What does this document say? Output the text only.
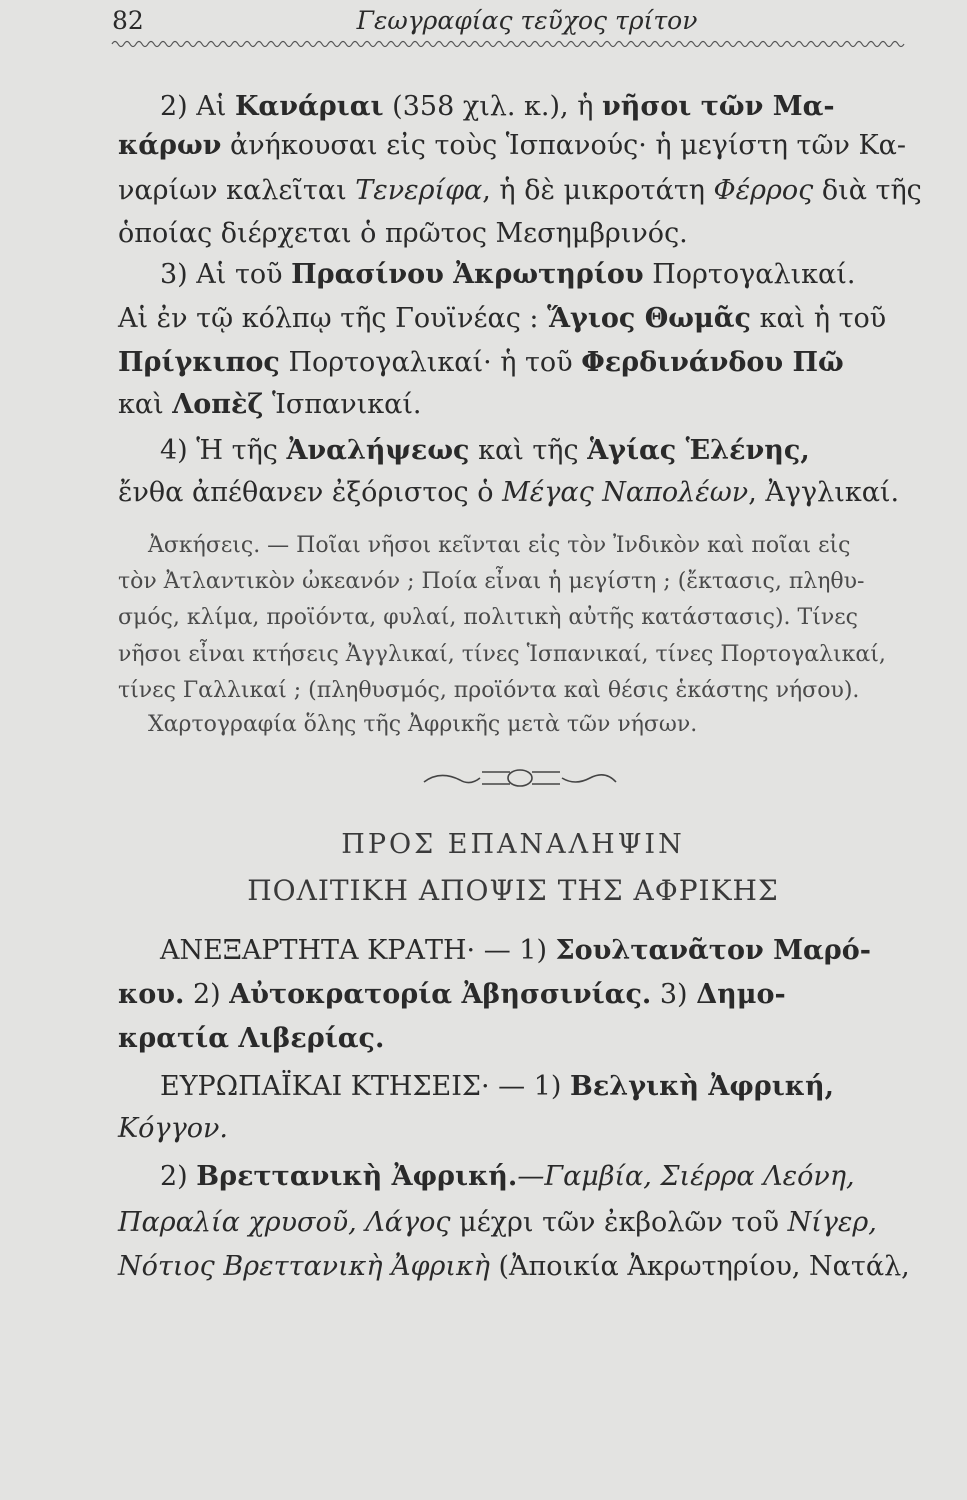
82	Γεωγραφίας τεῦχος τρίτον
2) Αἱ Κανάριαι (358 χιλ. κ.), ἡ νῆσοι τῶν Μα-
κάρων ἀνήκουσαι εἰς τοὺς Ἱσπανούς· ἡ μεγίστη τῶν Κα-
ναρίων καλεῖται Τενερίφα, ἡ δὲ μικροτάτη Φέρρος διὰ τῆς
ὁποίας διέρχεται ὁ πρῶτος Μεσημβρινός.
3) Αἱ τοῦ Πρασίνου Ἀκρωτηρίου Πορτογαλικαί.
Αἱ ἐν τῷ κόλπῳ τῆς Γουϊνέας : Ἅγιος Θωμᾶς καὶ ἡ τοῦ
Πρίγκιπος Πορτογαλικαί· ἡ τοῦ Φερδινάνδου Πῶ
καὶ Λοπὲζ Ἱσπανικαί.
4) Ἡ τῆς Ἀναλήψεως καὶ τῆς Ἁγίας Ἑλένης,
ἔνθα ἀπέθανεν ἐξόριστος ὁ Μέγας Ναπολέων, Ἀγγλικαί.
Ἀσκήσεις. — Ποῖαι νῆσοι κεῖνται εἰς τὸν Ἰνδικὸν καὶ ποῖαι εἰς
τὸν Ἀτλαντικὸν ὠκεανόν ; Ποία εἶναι ἡ μεγίστη ; (ἔκτασις, πληθυ-
σμός, κλίμα, προϊόντα, φυλαί, πολιτικὴ αὐτῆς κατάστασις). Τίνες
νῆσοι εἶναι κτήσεις Ἀγγλικαί, τίνες Ἱσπανικαί, τίνες Πορτογαλικαί,
τίνες Γαλλικαί ; (πληθυσμός, προϊόντα καὶ θέσις ἑκάστης νήσου).
Χαρτογραφία ὅλης τῆς Ἀφρικῆς μετὰ τῶν νήσων.
ΠΡΟΣ ΕΠΑΝΑΛΗΨΙΝ
ΠΟΛΙΤΙΚΗ ΑΠΟΨΙΣ ΤΗΣ ΑΦΡΙΚΗΣ
ΑΝΕΞΑΡΤΗΤΑ ΚΡΑΤΗ· — 1) Σουλτανᾶτον Μαρό-
κου. 2) Αὐτοκρατορία Ἀβησσινίας. 3) Δημο-
κρατία Λιβερίας.
ΕΥΡΩΠΑΪΚΑΙ ΚΤΗΣΕΙΣ· — 1) Βελγικὴ Ἀφρική,
Κόγγον.
2) Βρεττανικὴ Ἀφρική.—Γαμβία, Σιέρρα Λεόνη,
Παραλία χρυσοῦ, Λάγος μέχρι τῶν ἐκβολῶν τοῦ Νίγερ,
Νότιος Βρεττανικὴ Ἀφρικὴ (Ἀποικία Ἀκρωτηρίου, Νατάλ,
